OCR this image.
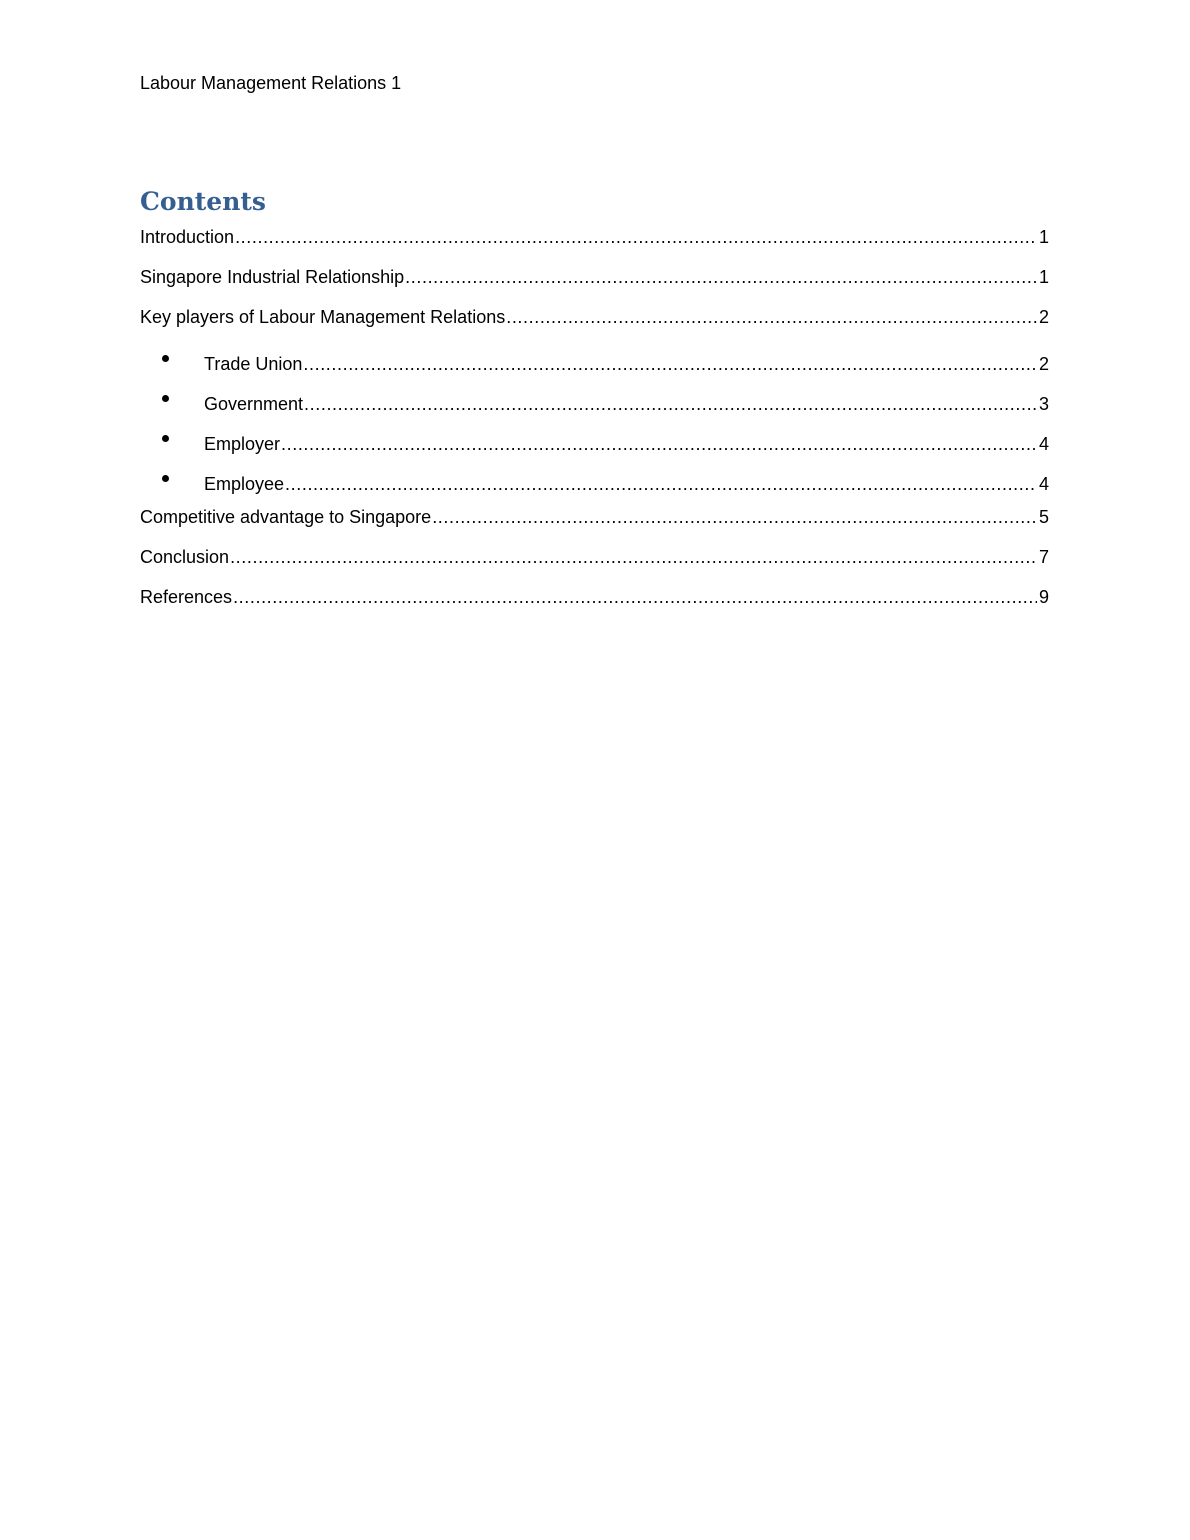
Labour Management Relations 1
Contents
Introduction .....	1
Singapore Industrial Relationship .....	1
Key players of Labour Management Relations .....	2
Trade Union .....	2
Government .....	3
Employer .....	4
Employee .....	4
Competitive advantage to Singapore .....	5
Conclusion .....	7
References .....	9
